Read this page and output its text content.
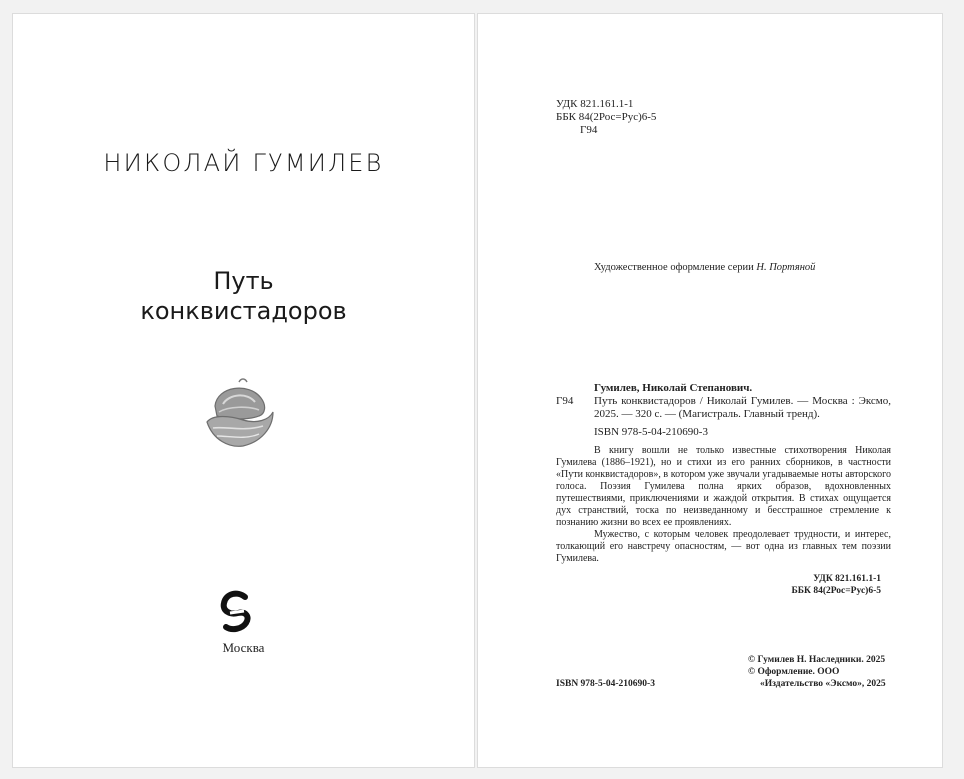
НИКОЛАЙ ГУМИЛЕВ
Путь
конквистадоров
Москва
УДК 821.161.1-1
ББК 84(2Рос=Рус)6-5
Г94
Художественное оформление серии Н. Портяной
Гумилев, Николай Степанович.
Г94	Путь конквистадоров / Николай Гумилев. — Москва : Эксмо, 2025. — 320 с. — (Магистраль. Главный тренд).
ISBN 978-5-04-210690-3

В книгу вошли не только известные стихотворения Николая Гумилева (1886–1921), но и стихи из его ранних сборников, в частности «Пути конквистадоров», в котором уже звучали угадываемые ноты авторского голоса. Поэзия Гумилева полна ярких образов, вдохновленных путешествиями, приключениями и жаждой открытия. В стихах ощущается дух странствий, тоска по неизведанному и бесстрашное стремление к познанию жизни во всех ее проявлениях.

Мужество, с которым человек преодолевает трудности, и интерес, толкающий его навстречу опасностям, — вот одна из главных тем поэзии Гумилева.

УДК 821.161.1-1
ББК 84(2Рос=Рус)6-5
© Гумилев Н. Наследники. 2025
© Оформление. ООО
ISBN 978-5-04-210690-3	«Издательство «Эксмо», 2025
